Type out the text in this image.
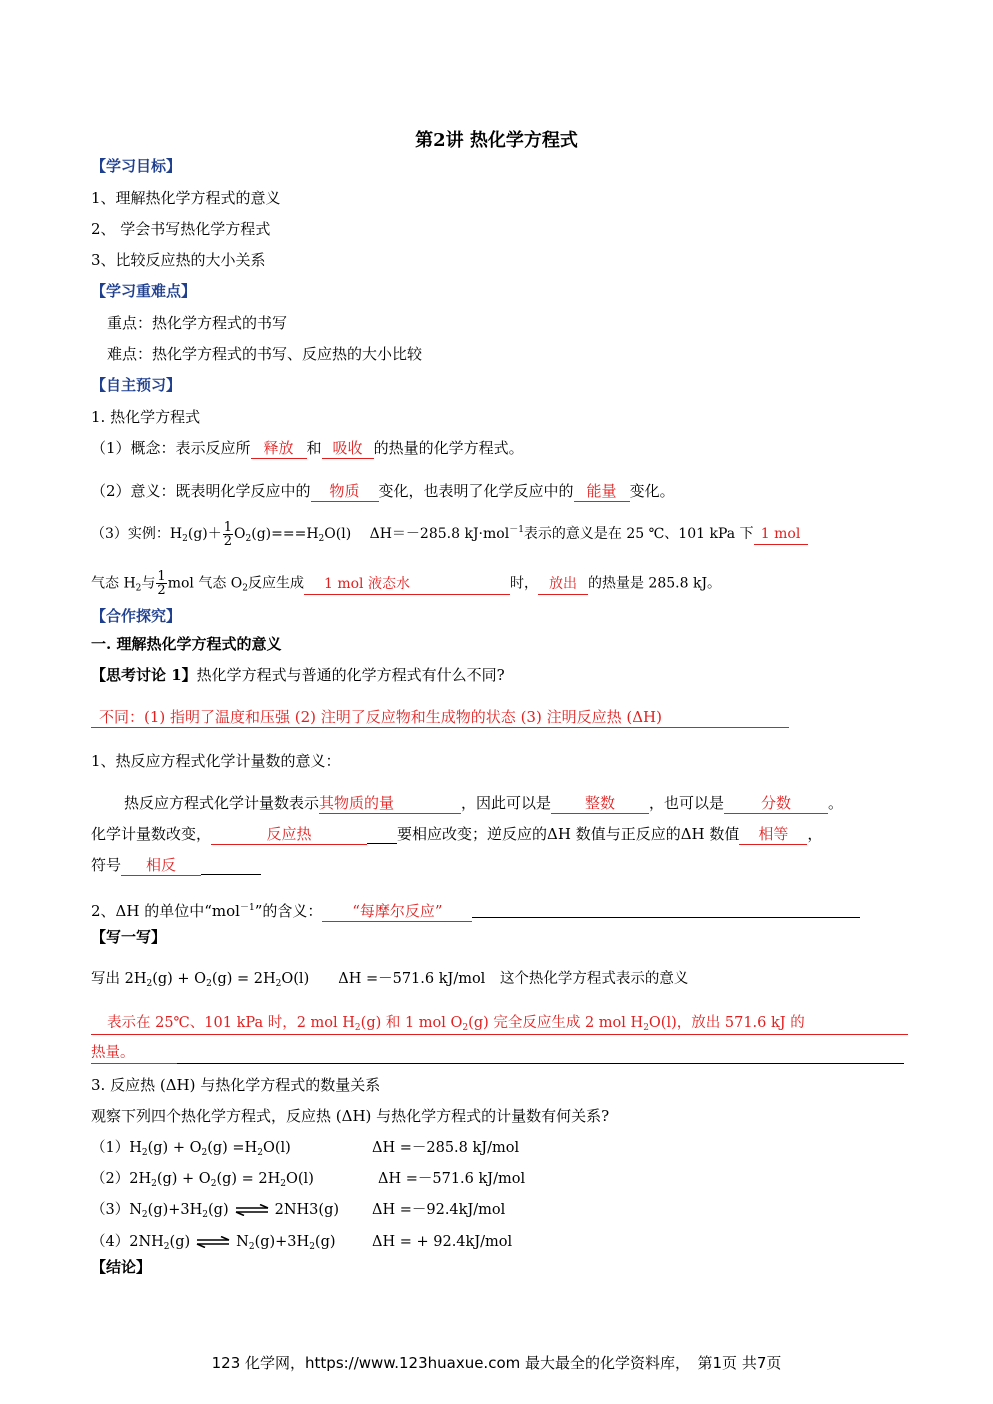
第2讲 热化学方程式
【学习目标】
1、理解热化学方程式的意义
2、 学会书写热化学方程式
3、比较反应热的大小关系
【学习重难点】
重点：热化学方程式的书写
难点：热化学方程式的书写、反应热的大小比较
【自主预习】
1. 热化学方程式
（1）概念：表示反应所 释放 和 吸收 的热量的化学方程式。
（2）意义：既表明化学反应中的 物质 变化，也表明了化学反应中的 能量 变化。
（3）实例：$H_2(g)+ \frac{1}{2} O_2(g)===H_2O(l)$　 ΔH＝－285.8 kJ·mol$^{-1}$表示的意义是在 25 ℃、101 kPa 下 1 mol
气态 $H_2$与 $\frac{1}{2}$ mol 气态 $O_2$反应生成 1 mol 液态水	时， 放出 的热量是 285.8 kJ。
【合作探究】
一. 理解热化学方程式的意义
【思考讨论 1】热化学方程式与普通的化学方程式有什么不同?
不同：(1) 指明了温度和压强 (2) 注明了反应物和生成物的状态 (3) 注明反应热 (ΔH)
1、热反应方程式化学计量数的意义：
热反应方程式化学计量数表示其物质的量	，因此可以是 整数 ，也可以是 分数 。
化学计量数改变，	反应热	要相应改变；逆反应的ΔH 数值与正反应的ΔH 数值 相等 ，
符号 相反
2、ΔH 的单位中“mol$^{-1}$”的含义： “每摩尔反应”
【写一写】
写出 $2H_2(g) + O_2(g) = 2H_2O(l)$　　ΔH =－571.6 kJ/mol　这个热化学方程式表示的意义
表示在 25℃、101 kPa 时，2 mol $H_2(g)$ 和 1 mol $O_2(g)$ 完全反应生成 2 mol $H_2O(l)$，放出 571.6 kJ 的
热量。
3. 反应热 (ΔH) 与热化学方程式的数量关系
观察下列四个热化学方程式，反应热 (ΔH) 与热化学方程式的计量数有何关系?
$(1)H_2(g) + O_2(g) =H_2O(l)$	ΔH =－285.8 kJ/mol
$(2)2H_2(g) + O_2(g) = 2H_2O(l)$	ΔH =－571.6 kJ/mol
$(3)N_2(g)+3H_2(g)$ ⇌ 2NH3(g) ΔH =－92.4kJ/mol
$(4)2NH_2(g)$ ⇌ $N_2(g)+3H_2(g)$	ΔH = + 92.4kJ/mol
【结论】
123 化学网，https://www.123huaxue.com 最大最全的化学资料库，　第1页 共7页
